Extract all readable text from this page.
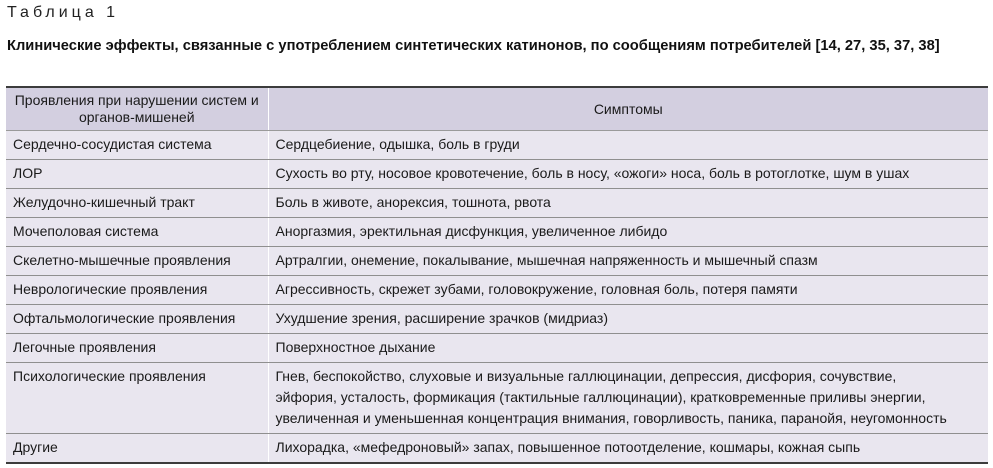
Таблица 1
Клинические эффекты, связанные с употреблением синтетических катинонов, по сообщениям потребителей [14, 27, 35, 37, 38]
Проявления при нарушении систем и органов-мишеней	Симптомы
Сердечно-сосудистая система	Сердцебиение, одышка, боль в груди

ЛОР	Сухость во рту, носовое кровотечение, боль в носу, «ожоги» носа, боль в ротоглотке, шум в ушах

Желудочно-кишечный тракт	Боль в животе, анорексия, тошнота, рвота

Мочеполовая система	Аноргазмия, эректильная дисфункция, увеличенное либидо

Скелетно-мышечные проявления	Артралгии, онемение, покалывание, мышечная напряженность и мышечный спазм

Неврологические проявления	Агрессивность, скрежет зубами, головокружение, головная боль, потеря памяти

Офтальмологические проявления	Ухудшение зрения, расширение зрачков (мидриаз)

Легочные проявления	Поверхностное дыхание

Психологические проявления	Гнев, беспокойство, слуховые и визуальные галлюцинации, депрессия, дисфория, сочувствие,
эйфория, усталость, формикация (тактильные галлюцинации), кратковременные приливы энергии,
увеличенная и уменьшенная концентрация внимания, говорливость, паника, паранойя, неугомонность

Другие	Лихорадка, «мефедроновый» запах, повышенное потоотделение, кошмары, кожная сыпь
